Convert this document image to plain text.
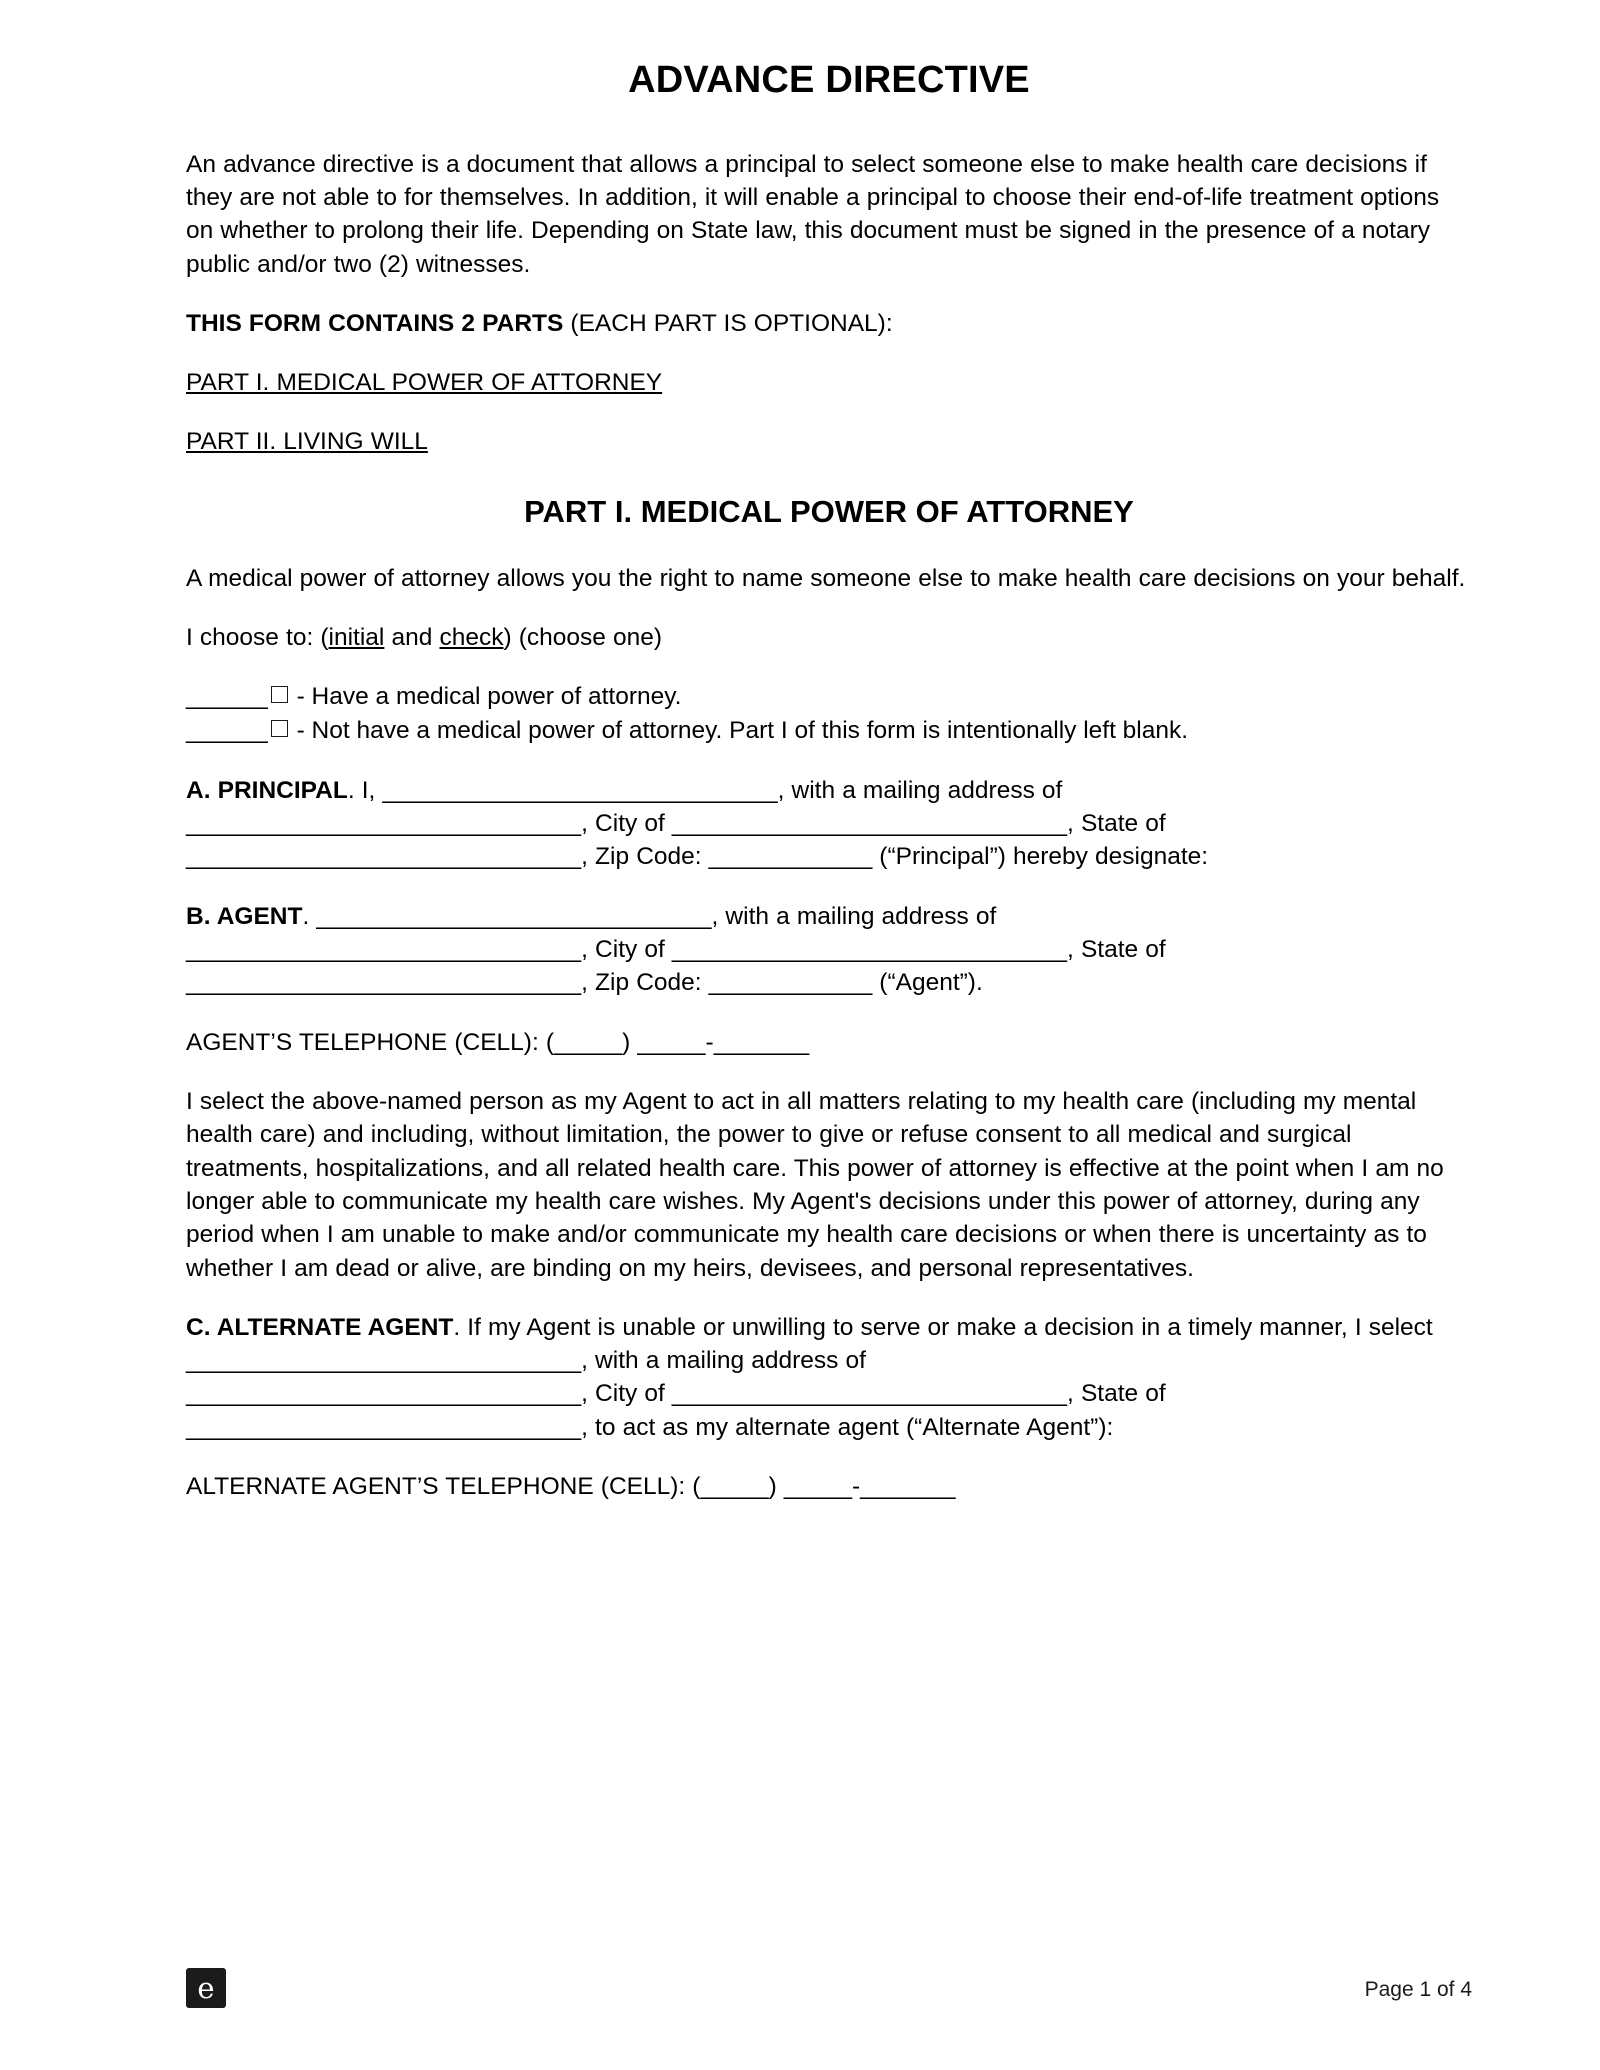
ADVANCE DIRECTIVE

An advance directive is a document that allows a principal to select someone else to make health care decisions if they are not able to for themselves. In addition, it will enable a principal to choose their end-of-life treatment options on whether to prolong their life. Depending on State law, this document must be signed in the presence of a notary public and/or two (2) witnesses.

THIS FORM CONTAINS 2 PARTS (EACH PART IS OPTIONAL):

PART I. MEDICAL POWER OF ATTORNEY

PART II. LIVING WILL

PART I. MEDICAL POWER OF ATTORNEY

A medical power of attorney allows you the right to name someone else to make health care decisions on your behalf.

I choose to: (initial and check) (choose one)

______ - Have a medical power of attorney.
______ - Not have a medical power of attorney. Part I of this form is intentionally left blank.

A. PRINCIPAL. I, _____________________________, with a mailing address of
_____________________________, City of _____________________________, State of
_____________________________, Zip Code: ____________ (“Principal”) hereby designate:

B. AGENT. _____________________________, with a mailing address of
_____________________________, City of _____________________________, State of
_____________________________, Zip Code: ____________ (“Agent”).

AGENT’S TELEPHONE (CELL): (_____) _____-_______

I select the above-named person as my Agent to act in all matters relating to my health care (including my mental health care) and including, without limitation, the power to give or refuse consent to all medical and surgical treatments, hospitalizations, and all related health care. This power of attorney is effective at the point when I am no longer able to communicate my health care wishes. My Agent's decisions under this power of attorney, during any period when I am unable to make and/or communicate my health care decisions or when there is uncertainty as to whether I am dead or alive, are binding on my heirs, devisees, and personal representatives.

C. ALTERNATE AGENT. If my Agent is unable or unwilling to serve or make a decision in a timely manner, I select _____________________________, with a mailing address of
_____________________________, City of _____________________________, State of
_____________________________, to act as my alternate agent (“Alternate Agent”):

ALTERNATE AGENT’S TELEPHONE (CELL): (_____) _____-_______

e	Page 1 of 4
